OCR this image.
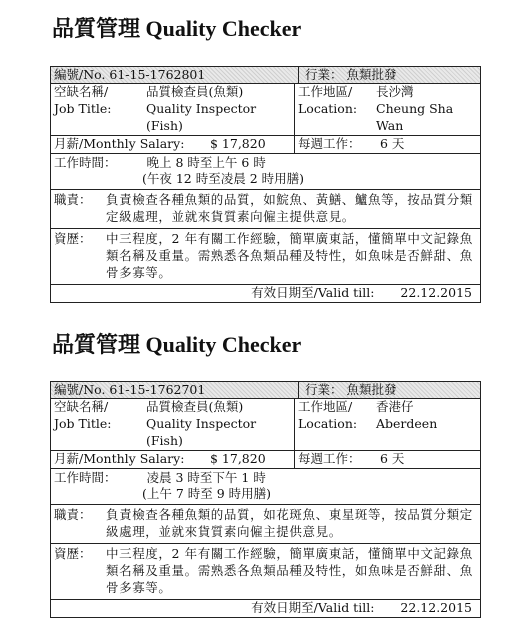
品質管理 Quality Checker
編號/No. 61-15-1762801	行業： 魚類批發
空缺名稱/	品質檢查員(魚類)
Job Title:	Quality Inspector (Fish)
工作地區/	長沙灣
Location:	Cheung Sha Wan
月薪/Monthly Salary:	$ 17,820	每週工作：	6 天
工作時間： 晚上 8 時至上午 6 時
(午夜 12 時至凌晨 2 時用膳)
職責：	負責檢查各種魚類的品質，如鯇魚、黃鱔、鱸魚等，按品質分類定級處理，並就來貨質素向僱主提供意見。
資歷：	中三程度，2 年有關工作經驗，簡單廣東話，懂簡單中文記錄魚類名稱及重量。需熟悉各魚類品種及特性，如魚味是否鮮甜、魚骨多寡等。
有效日期至/Valid till: 22.12.2015
品質管理 Quality Checker
編號/No. 61-15-1762701	行業： 魚類批發
空缺名稱/	品質檢查員(魚類)
Job Title:	Quality Inspector (Fish)
工作地區/	香港仔
Location:	Aberdeen
月薪/Monthly Salary:	$ 17,820	每週工作：	6 天
工作時間： 凌晨 3 時至下午 1 時
(上午 7 時至 9 時用膳)
職責：	負責檢查各種魚類的品質，如花斑魚、東星斑等，按品質分類定級處理，並就來貨質素向僱主提供意見。
資歷：	中三程度，2 年有關工作經驗，簡單廣東話，懂簡單中文記錄魚類名稱及重量。需熟悉各魚類品種及特性，如魚味是否鮮甜、魚骨多寡等。
有效日期至/Valid till: 22.12.2015
